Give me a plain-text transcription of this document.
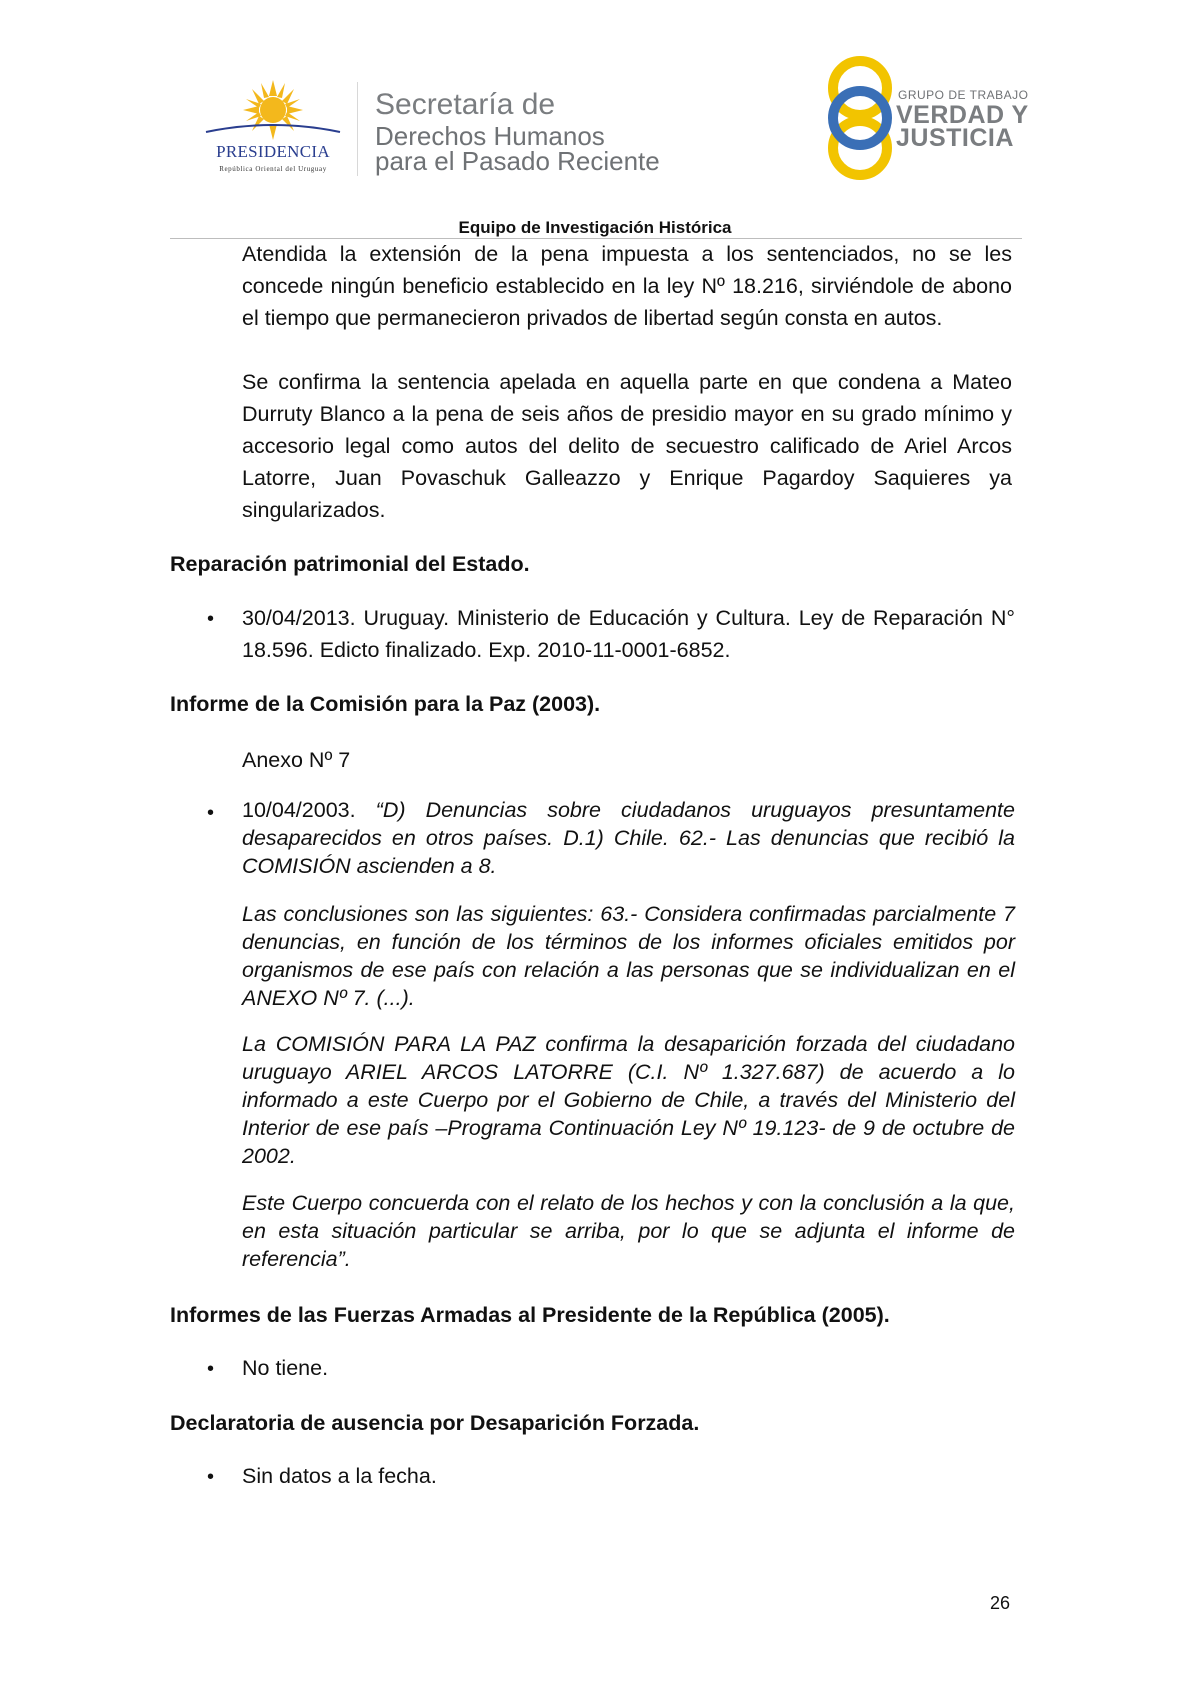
PRESIDENCIA
República Oriental del Uruguay
Secretaría de
Derechos Humanos
para el Pasado Reciente
GRUPO DE TRABAJO
VERDAD Y
JUSTICIA
Equipo de Investigación Histórica
Atendida la extensión de la pena impuesta a los sentenciados, no se les concede ningún beneficio establecido en la ley Nº 18.216, sirviéndole de abono el tiempo que permanecieron privados de libertad según consta en autos.
Se confirma la sentencia apelada en aquella parte en que condena a Mateo Durruty Blanco a la pena de seis años de presidio mayor en su grado mínimo y accesorio legal como autos del delito de secuestro calificado de Ariel Arcos Latorre, Juan Povaschuk Galleazzo y Enrique Pagardoy Saquieres ya singularizados.
Reparación patrimonial del Estado.
• 30/04/2013. Uruguay. Ministerio de Educación y Cultura. Ley de Reparación N° 18.596. Edicto finalizado. Exp. 2010-11-0001-6852.
Informe de la Comisión para la Paz (2003).
Anexo Nº 7
• 10/04/2003. “D) Denuncias sobre ciudadanos uruguayos presuntamente desaparecidos en otros países. D.1) Chile. 62.- Las denuncias que recibió la COMISIÓN ascienden a 8.
Las conclusiones son las siguientes: 63.- Considera confirmadas parcialmente 7 denuncias, en función de los términos de los informes oficiales emitidos por organismos de ese país con relación a las personas que se individualizan en el ANEXO Nº 7. (...).
La COMISIÓN PARA LA PAZ confirma la desaparición forzada del ciudadano uruguayo ARIEL ARCOS LATORRE (C.I. Nº 1.327.687) de acuerdo a lo informado a este Cuerpo por el Gobierno de Chile, a través del Ministerio del Interior de ese país –Programa Continuación Ley Nº 19.123- de 9 de octubre de 2002.
Este Cuerpo concuerda con el relato de los hechos y con la conclusión a la que, en esta situación particular se arriba, por lo que se adjunta el informe de referencia”.
Informes de las Fuerzas Armadas al Presidente de la República (2005).
• No tiene.
Declaratoria de ausencia por Desaparición Forzada.
• Sin datos a la fecha.
26
